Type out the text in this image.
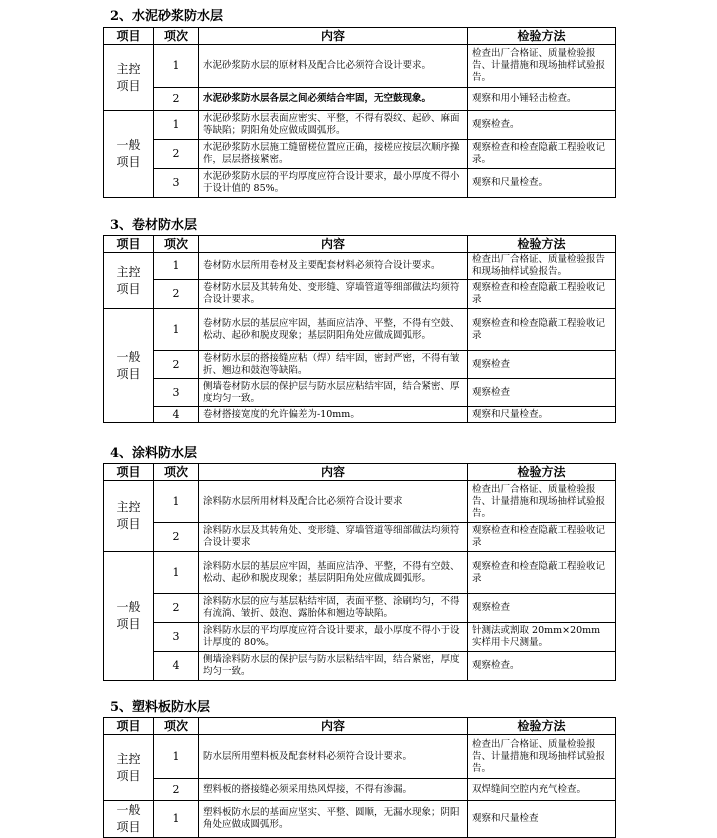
2、水泥砂浆防水层
项目	项次	内容	检验方法
主控
项目	1	水泥砂浆防水层的原材料及配合比必须符合设计要求。	检查出厂合格证、质量检验报告、计量措施和现场抽样试验报告。
	2	水泥砂浆防水层各层之间必须结合牢固，无空鼓现象。	观察和用小锤轻击检查。
一般
项目	1	水泥砂浆防水层表面应密实、平整，不得有裂纹、起砂、麻面等缺陷；阴阳角处应做成圆弧形。	观察检查。
	2	水泥砂浆防水层施工缝留槎位置应正确，接槎应按层次顺序操作，层层搭接紧密。	观察检查和检查隐蔽工程验收记录。
	3	水泥砂浆防水层的平均厚度应符合设计要求，最小厚度不得小于设计值的 85%。	观察和尺量检查。
3、卷材防水层
项目	项次	内容	检验方法
主控
项目	1	卷材防水层所用卷材及主要配套材料必须符合设计要求。	检查出厂合格证、质量检验报告和现场抽样试验报告。
	2	卷材防水层及其转角处、变形缝、穿墙管道等细部做法均须符合设计要求。	观察检查和检查隐蔽工程验收记录
一般
项目	1	卷材防水层的基层应牢固，基面应洁净、平整，不得有空鼓、松动、起砂和脱皮现象；基层阴阳角处应做成圆弧形。	观察检查和检查隐蔽工程验收记录
	2	卷材防水层的搭接缝应粘（焊）结牢固，密封严密，不得有皱折、翘边和鼓泡等缺陷。	观察检查
	3	侧墙卷材防水层的保护层与防水层应粘结牢固，结合紧密、厚度均匀一致。	观察检查
	4	卷材搭接宽度的允许偏差为-10mm。	观察和尺量检查。
4、涂料防水层
项目	项次	内容	检验方法
主控
项目	1	涂料防水层所用材料及配合比必须符合设计要求	检查出厂合格证、质量检验报告、计量措施和现场抽样试验报告。
	2	涂料防水层及其转角处、变形缝、穿墙管道等细部做法均须符合设计要求	观察检查和检查隐蔽工程验收记录
一般
项目	1	涂料防水层的基层应牢固，基面应洁净、平整，不得有空鼓、松动、起砂和脱皮现象；基层阴阳角处应做成圆弧形。	观察检查和检查隐蔽工程验收记录
	2	涂料防水层的应与基层粘结牢固，表面平整、涂刷均匀，不得有流淌、皱折、鼓泡、露胎体和翘边等缺陷。	观察检查
	3	涂料防水层的平均厚度应符合设计要求，最小厚度不得小于设计厚度的 80%。	针测法或割取 20mm×20mm 实样用卡尺测量。
	4	侧墙涂料防水层的保护层与防水层粘结牢固，结合紧密，厚度均匀一致。	观察检查。
5、塑料板防水层
项目	项次	内容	检验方法
主控
项目	1	防水层所用塑料板及配套材料必须符合设计要求。	检查出厂合格证、质量检验报告、计量措施和现场抽样试验报告。
	2	塑料板的搭接缝必须采用热风焊接，不得有渗漏。	双焊缝间空腔内充气检查。
一般
项目	1	塑料板防水层的基面应坚实、平整、圆顺，无漏水现象；阴阳角处应做成圆弧形。	观察和尺量检查
